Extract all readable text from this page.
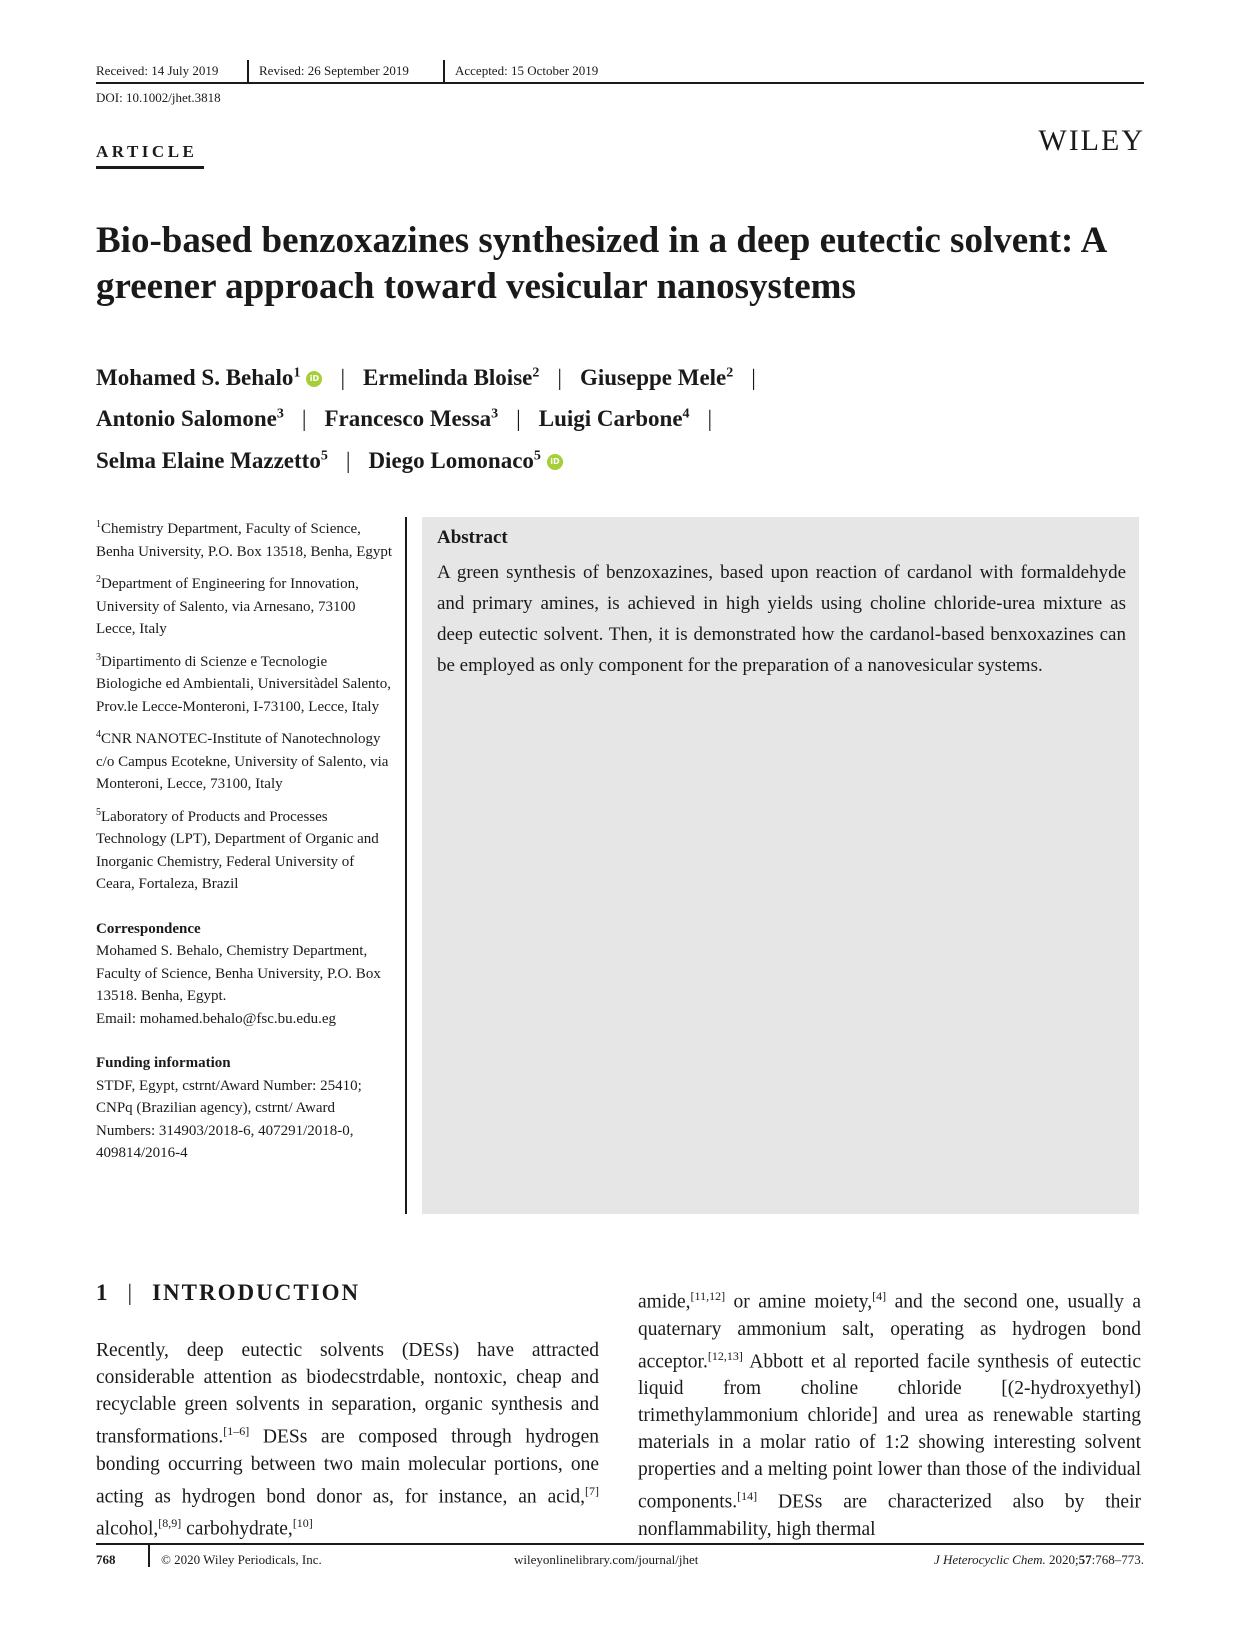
Received: 14 July 2019	Revised: 26 September 2019	Accepted: 15 October 2019
DOI: 10.1002/jhet.3818
ARTICLE	WILEY
Bio-based benzoxazines synthesized in a deep eutectic solvent: A greener approach toward vesicular nanosystems
Mohamed S. Behalo$^1$ iD | Ermelinda Bloise$^2$ | Giuseppe Mele$^2$ |
Antonio Salomone$^3$ | Francesco Messa$^3$ | Luigi Carbone$^4$ |
Selma Elaine Mazzetto$^5$ | Diego Lomonaco$^5$ iD

$^1$Chemistry Department, Faculty of Science, Benha University, P.O. Box 13518, Benha, Egypt

$^2$Department of Engineering for Innovation, University of Salento, via Arnesano, 73100 Lecce, Italy

$^3$Dipartimento di Scienze e Tecnologie Biologiche ed Ambientali, Universitàdel Salento, Prov.le Lecce-Monteroni, I-73100, Lecce, Italy

$^4$CNR NANOTEC-Institute of Nanotechnology c/o Campus Ecotekne, University of Salento, via Monteroni, Lecce, 73100, Italy

$^5$Laboratory of Products and Processes Technology (LPT), Department of Organic and Inorganic Chemistry, Federal University of Ceara, Fortaleza, Brazil

Correspondence
Mohamed S. Behalo, Chemistry Department, Faculty of Science, Benha University, P.O. Box 13518. Benha, Egypt.
Email: mohamed.behalo@fsc.bu.edu.eg
Funding information
STDF, Egypt, cstrnt/Award Number: 25410; CNPq (Brazilian agency), cstrnt/ Award Numbers: 314903/2018-6, 407291/2018-0, 409814/2016-4
Abstract
A green synthesis of benzoxazines, based upon reaction of cardanol with formaldehyde and primary amines, is achieved in high yields using choline chloride-urea mixture as deep eutectic solvent. Then, it is demonstrated how the cardanol-based benxoxazines can be employed as only component for the preparation of a nanovesicular systems.
1 | INTRODUCTION
Recently, deep eutectic solvents (DESs) have attracted considerable attention as biodecstrdable, nontoxic, cheap and recyclable green solvents in separation, organic synthesis and transformations.[1–6] DESs are composed through hydrogen bonding occurring between two main molecular portions, one acting as hydrogen bond donor as, for instance, an acid,[7] alcohol,[8,9] carbohydrate,[10]
amide,[11,12] or amine moiety,[4] and the second one, usually a quaternary ammonium salt, operating as hydrogen bond acceptor.[12,13] Abbott et al reported facile synthesis of eutectic liquid from choline chloride [(2-hydroxyethyl) trimethylammonium chloride] and urea as renewable starting materials in a molar ratio of 1:2 showing interesting solvent properties and a melting point lower than those of the individual components.[14] DESs are characterized also by their nonflammability, high thermal
768	© 2020 Wiley Periodicals, Inc.	wileyonlinelibrary.com/journal/jhet	J Heterocyclic Chem. 2020;57:768–773.
